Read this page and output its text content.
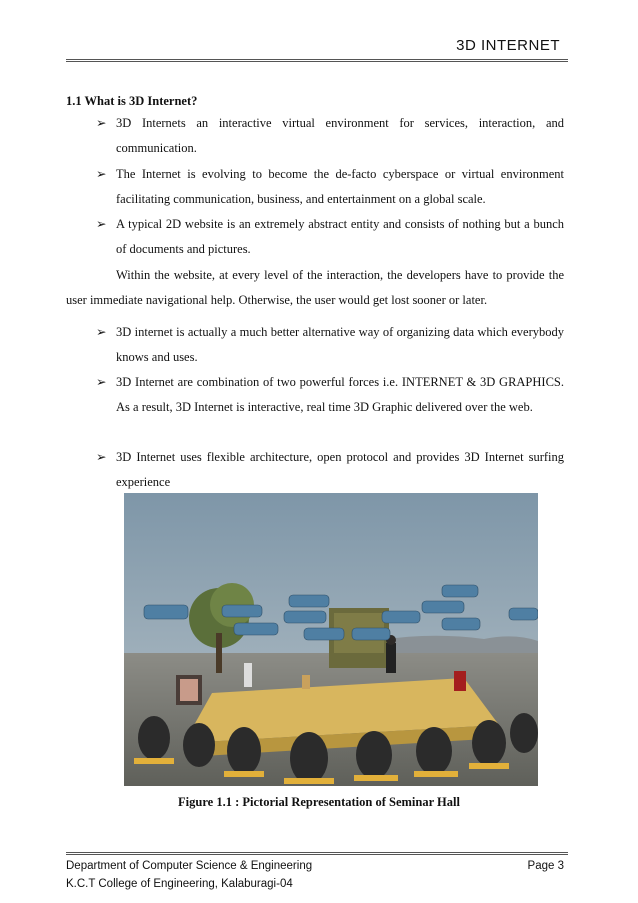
3D INTERNET
1.1 What is 3D Internet?
➢ 3D Internets an interactive virtual environment for services, interaction, and communication.
➢ The Internet is evolving to become the de-facto cyberspace or virtual environment facilitating communication, business, and entertainment on a global scale.
➢ A typical 2D website is an extremely abstract entity and consists of nothing but a bunch of documents and pictures.
Within the website, at every level of the interaction, the developers have to provide the user immediate navigational help. Otherwise, the user would get lost sooner or later.
➢ 3D internet is actually a much better alternative way of organizing data which everybody knows and uses.
➢ 3D Internet are combination of two powerful forces i.e. INTERNET & 3D GRAPHICS. As a result, 3D Internet is interactive, real time 3D Graphic delivered over the web.
➢ 3D Internet uses flexible architecture, open protocol and provides 3D Internet surfing experience
Figure 1.1 : Pictorial Representation of Seminar Hall
Department of Computer Science & Engineering
K.C.T College of Engineering, Kalaburagi-04
Page 3
